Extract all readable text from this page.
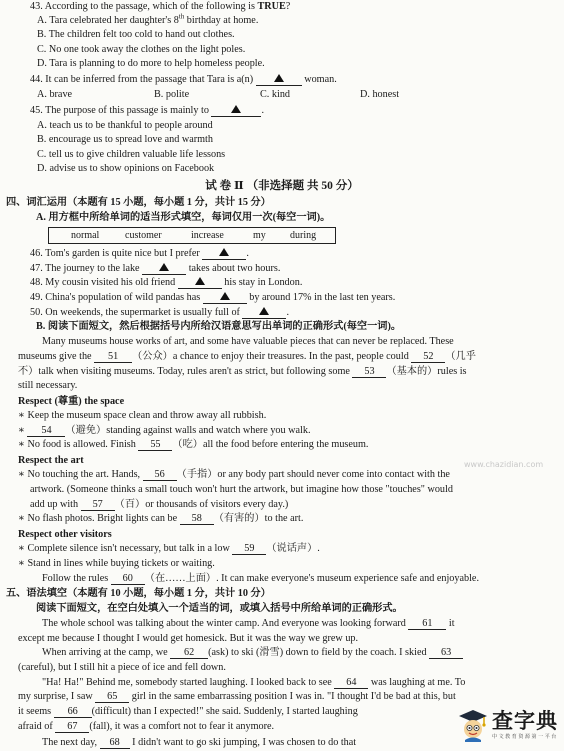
43. According to the passage, which of the following is TRUE?
A. Tara celebrated her daughter's 8th birthday at home.
B. The children felt too cold to hand out clothes.
C. No one took away the clothes on the light poles.
D. Tara is planning to do more to help homeless people.
44. It can be inferred from the passage that Tara is a(n)	woman.
A. brave	B. polite	C. kind	D. honest
45. The purpose of this passage is mainly to	.
A. teach us to be thankful to people around
B. encourage us to spread love and warmth
C. tell us to give children valuable life lessons
D. advise us to show opinions on Facebook
试 卷 Ⅱ （非选择题 共 50 分）
四、词汇运用（本题有 15 小题，每小题 1 分，共计 15 分）
A. 用方框中所给单词的适当形式填空，每词仅用一次(每空一词)。
normal	customer	increase	my during
46. Tom's garden is quite nice but I prefer	.
47. The journey to the lake	takes about two hours.
48. My cousin visited his old friend	his stay in London.
49. China's population of wild pandas has	by around 17% in the last ten years.
50. On weekends, the supermarket is usually full of	.
B. 阅读下面短文，然后根据括号内所给汉语意思写出单词的正确形式(每空一词)。
Many museums house works of art, and some have valuable pieces that can never be replaced. These
museums give the 51 （公众）a chance to enjoy their treasures. In the past, people could 52 （几乎
不）talk when visiting museums. Today, rules aren't as strict, but following some 53 （基本的）rules is
still necessary.
Respect (尊重) the space
∗ Keep the museum space clean and throw away all rubbish.
∗ 54 （避免）standing against walls and watch where you walk.
∗ No food is allowed. Finish 55 （吃）all the food before entering the museum.
Respect the art
∗ No touching the art. Hands, 56 （手指）or any body part should never come into contact with the
artwork. (Someone thinks a small touch won't hurt the artwork, but imagine how those "touches" would
add up with 57 （百）or thousands of visitors every day.)
∗ No flash photos. Bright lights can be 58 （有害的）to the art.
Respect other visitors
∗ Complete silence isn't necessary, but talk in a low 59 （说话声）.
∗ Stand in lines while buying tickets or waiting.
Follow the rules 60 （在……上面）. It can make everyone's museum experience safe and enjoyable.
五、语法填空（本题有 10 小题，每小题 1 分，共计 10 分）
阅读下面短文，在空白处填入一个适当的词，或填入括号中所给单词的正确形式。
The whole school was talking about the winter camp. And everyone was looking forward 61 it
except me because I thought I would get homesick. But it was the way we grew up.
When arriving at the camp, we 62 (ask) to ski (滑雪) down to field by the coach. I skied 63
(careful), but I still hit a piece of ice and fell down.
"Ha! Ha!" Behind me, somebody started laughing. I looked back to see 64 was laughing at me. To
my surprise, I saw 65 girl in the same embarrassing position I was in. "I thought I'd be bad at this, but
it seems 66 (difficult) than I expected!" she said. Suddenly, I started laughing
afraid of 67 (fall), it was a comfort not to fear it anymore.
The next day, 68 I didn't want to go ski jumping, I was chosen to do that
www.chazidian.com
查字典
中 文 教 育 资 源 第 一 平 台
